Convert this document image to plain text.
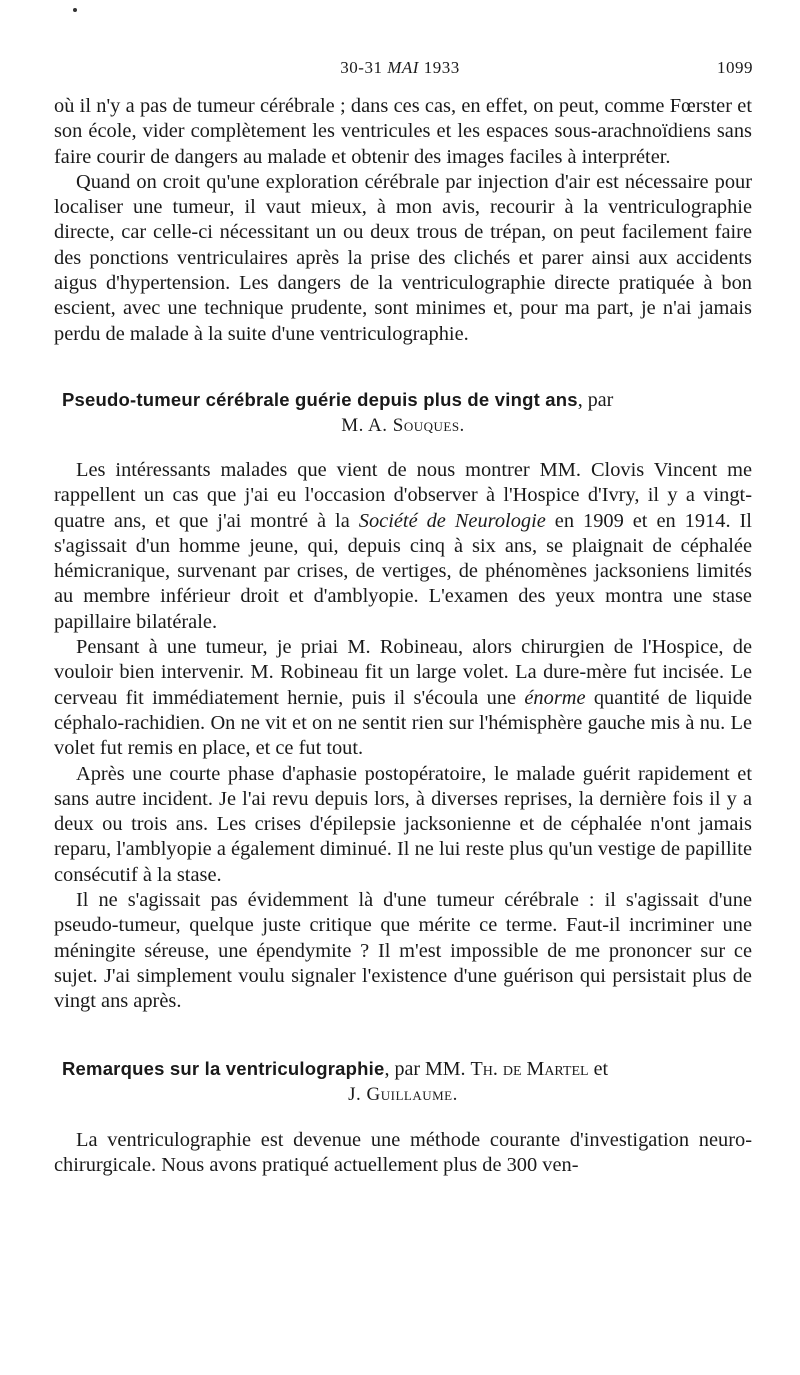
30-31 MAI 1933	1099

où il n'y a pas de tumeur cérébrale ; dans ces cas, en effet, on peut, comme Fœrster et son école, vider complètement les ventricules et les espaces sous-arachnoïdiens sans faire courir de dangers au malade et obtenir des images faciles à interpréter.

Quand on croit qu'une exploration cérébrale par injection d'air est nécessaire pour localiser une tumeur, il vaut mieux, à mon avis, recourir à la ventriculographie directe, car celle-ci nécessitant un ou deux trous de trépan, on peut facilement faire des ponctions ventriculaires après la prise des clichés et parer ainsi aux accidents aigus d'hypertension. Les dangers de la ventriculographie directe pratiquée à bon escient, avec une technique prudente, sont minimes et, pour ma part, je n'ai jamais perdu de malade à la suite d'une ventriculographie.

Pseudo-tumeur cérébrale guérie depuis plus de vingt ans, par
M. A. Souques.

Les intéressants malades que vient de nous montrer MM. Clovis Vincent me rappellent un cas que j'ai eu l'occasion d'observer à l'Hospice d'Ivry, il y a vingt-quatre ans, et que j'ai montré à la Société de Neurologie en 1909 et en 1914. Il s'agissait d'un homme jeune, qui, depuis cinq à six ans, se plaignait de céphalée hémicranique, survenant par crises, de vertiges, de phénomènes jacksoniens limités au membre inférieur droit et d'amblyopie. L'examen des yeux montra une stase papillaire bilatérale.

Pensant à une tumeur, je priai M. Robineau, alors chirurgien de l'Hospice, de vouloir bien intervenir. M. Robineau fit un large volet. La dure-mère fut incisée. Le cerveau fit immédiatement hernie, puis il s'écoula une énorme quantité de liquide céphalo-rachidien. On ne vit et on ne sentit rien sur l'hémisphère gauche mis à nu. Le volet fut remis en place, et ce fut tout.

Après une courte phase d'aphasie postopératoire, le malade guérit rapidement et sans autre incident. Je l'ai revu depuis lors, à diverses reprises, la dernière fois il y a deux ou trois ans. Les crises d'épilepsie jacksonienne et de céphalée n'ont jamais reparu, l'amblyopie a également diminué. Il ne lui reste plus qu'un vestige de papillite consécutif à la stase.

Il ne s'agissait pas évidemment là d'une tumeur cérébrale : il s'agissait d'une pseudo-tumeur, quelque juste critique que mérite ce terme. Faut-il incriminer une méningite séreuse, une épendymite ? Il m'est impossible de me prononcer sur ce sujet. J'ai simplement voulu signaler l'existence d'une guérison qui persistait plus de vingt ans après.

Remarques sur la ventriculographie, par MM. Th. de Martel et
J. Guillaume.

La ventriculographie est devenue une méthode courante d'investigation neuro-chirurgicale. Nous avons pratiqué actuellement plus de 300 ven-
